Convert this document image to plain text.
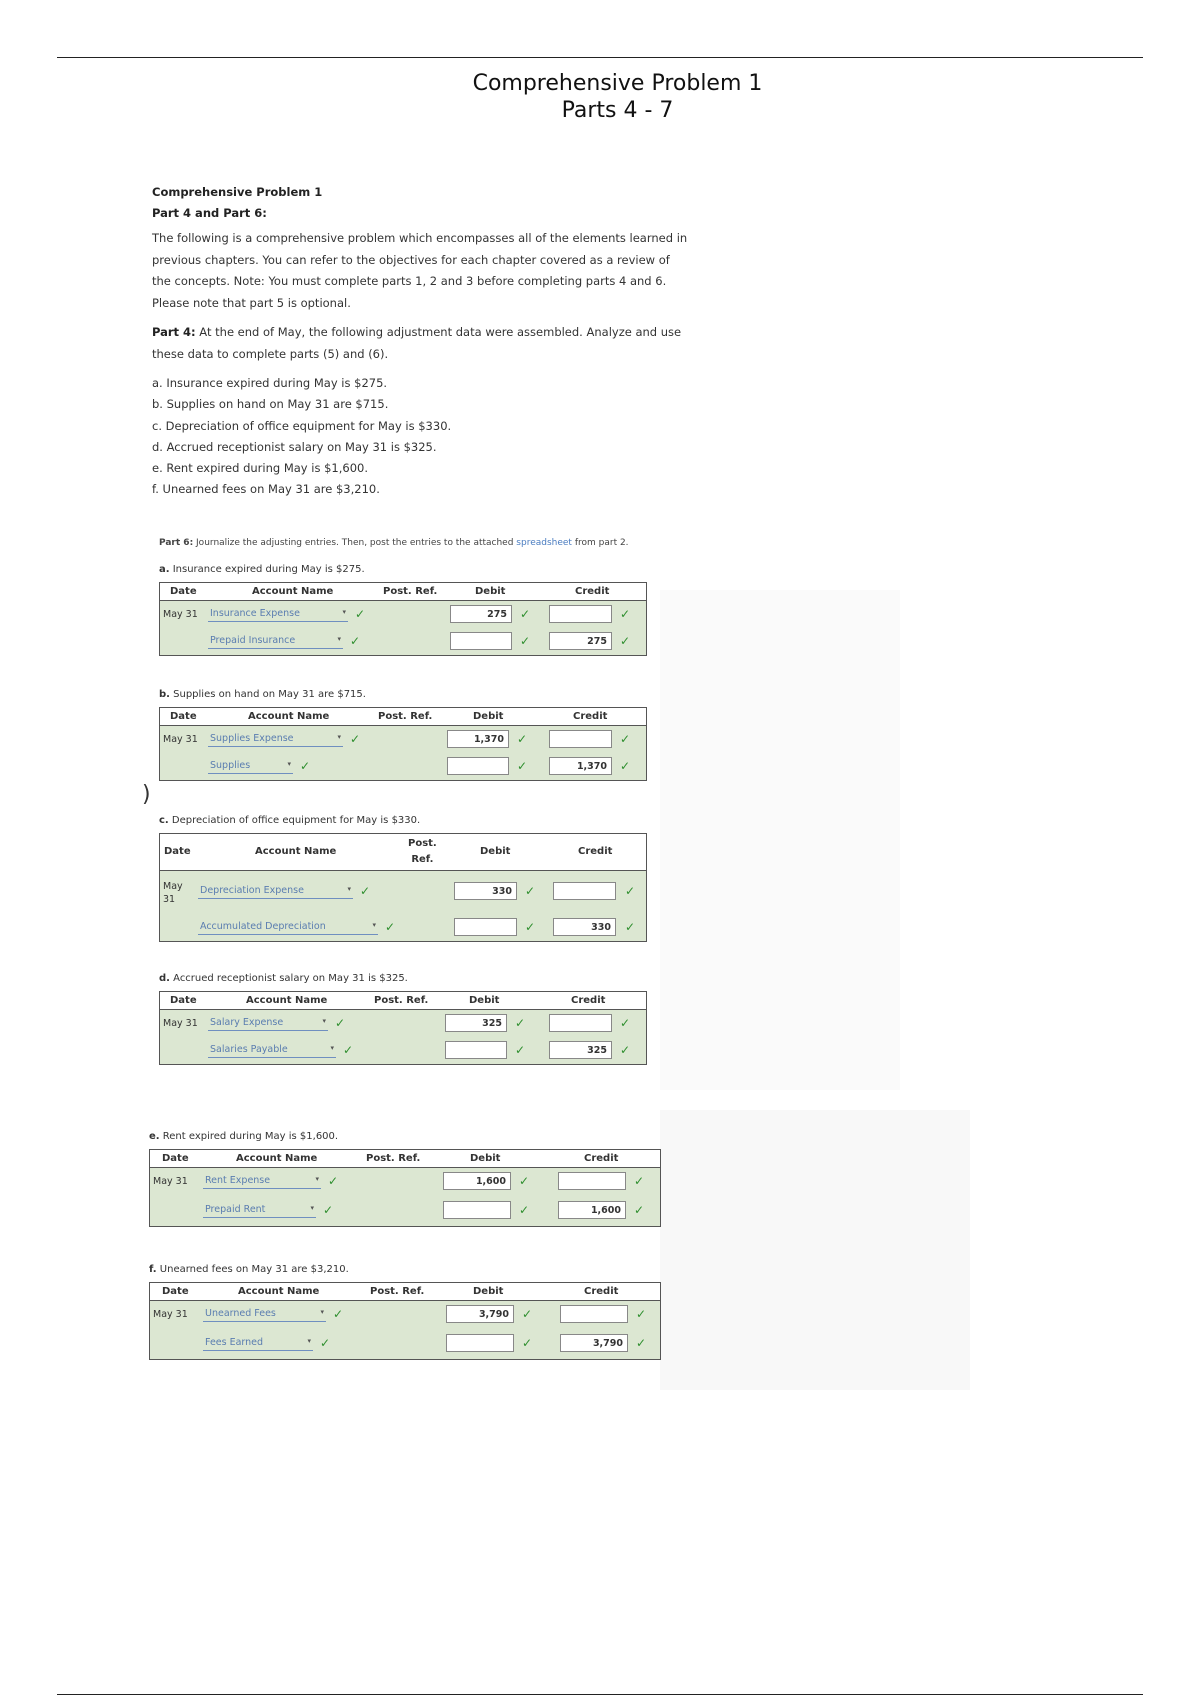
Comprehensive Problem 1
Parts 4 - 7

Comprehensive Problem 1

Part 4 and Part 6:

The following is a comprehensive problem which encompasses all of the elements learned in
previous chapters. You can refer to the objectives for each chapter covered as a review of
the concepts. Note: You must complete parts 1, 2 and 3 before completing parts 4 and 6.
Please note that part 5 is optional.

Part 4: At the end of May, the following adjustment data were assembled. Analyze and use
these data to complete parts (5) and (6).

a. Insurance expired during May is $275.
b. Supplies on hand on May 31 are $715.
c. Depreciation of office equipment for May is $330.
d. Accrued receptionist salary on May 31 is $325.
e. Rent expired during May is $1,600.
f. Unearned fees on May 31 are $3,210.
Part 6: Journalize the adjusting entries. Then, post the entries to the attached spreadsheet from part 2.
a. Insurance expired during May is $275.
Date	Account Name	Post. Ref.	Debit	Credit
May 31 Insurance Expense	▾ ✓	275	✓	✓
Prepaid Insurance	▾ ✓	✓	275	✓
b. Supplies on hand on May 31 are $715.
Date	Account Name	Post. Ref.	Debit	Credit
May 31 Supplies Expense	▾ ✓	1,370	✓	✓
Supplies	▾ ✓	✓	1,370	✓
)
c. Depreciation of office equipment for May is $330.
Date	Account Name
Post.
Ref.
Debit	Credit
May
31
Depreciation Expense	▾ ✓	330	✓	✓
Accumulated Depreciation	▾ ✓	✓	330	✓
d. Accrued receptionist salary on May 31 is $325.
Date	Account Name	Post. Ref.	Debit	Credit
May 31 Salary Expense	▾ ✓	325	✓	✓
Salaries Payable	▾ ✓	✓	325	✓
e. Rent expired during May is $1,600.
Date	Account Name	Post. Ref.	Debit	Credit
May 31 Rent Expense	▾ ✓	1,600	✓	✓
Prepaid Rent	▾ ✓	✓	1,600	✓
f. Unearned fees on May 31 are $3,210.
Date	Account Name	Post. Ref.	Debit	Credit
May 31 Unearned Fees	▾ ✓	3,790	✓	✓
Fees Earned	▾ ✓	✓	3,790	✓
